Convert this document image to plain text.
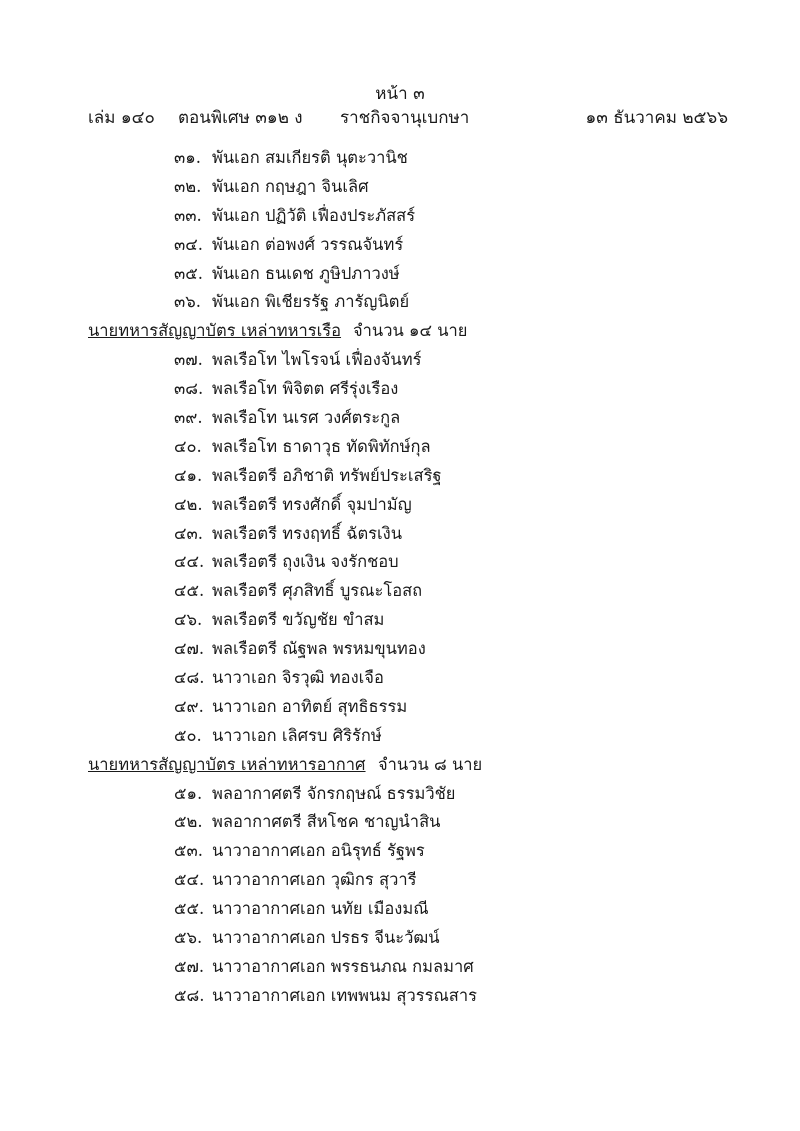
หน้า ๓
เล่ม ๑๔๐ ตอนพิเศษ ๓๑๒ ง ราชกิจจานุเบกษา	๑๓ ธันวาคม ๒๕๖๖
๓๑. พันเอก สมเกียรติ นุตะวานิช
๓๒. พันเอก กฤษฎา จินเลิศ
๓๓. พันเอก ปฏิวัติ เฟื่องประภัสสร์
๓๔. พันเอก ต่อพงศ์ วรรณจันทร์
๓๕. พันเอก ธนเดช ภูษิปภาวงษ์
๓๖. พันเอก พิเชียรรัฐ ภารัญนิตย์
นายทหารสัญญาบัตร เหล่าทหารเรือ จำนวน ๑๔ นาย
๓๗. พลเรือโท ไพโรจน์ เฟื่องจันทร์
๓๘. พลเรือโท พิจิตต ศรีรุ่งเรือง
๓๙. พลเรือโท นเรศ วงศ์ตระกูล
๔๐. พลเรือโท ธาดาวุธ ทัดพิทักษ์กุล
๔๑. พลเรือตรี อภิชาติ ทรัพย์ประเสริฐ
๔๒. พลเรือตรี ทรงศักดิ์ จุมปามัญ
๔๓. พลเรือตรี ทรงฤทธิ์ ฉัตรเงิน
๔๔. พลเรือตรี ถุงเงิน จงรักชอบ
๔๕. พลเรือตรี ศุภสิทธิ์ บูรณะโอสถ
๔๖. พลเรือตรี ขวัญชัย ขำสม
๔๗. พลเรือตรี ณัฐพล พรหมขุนทอง
๔๘. นาวาเอก จิรวุฒิ ทองเจือ
๔๙. นาวาเอก อาทิตย์ สุทธิธรรม
๕๐. นาวาเอก เลิศรบ ศิริรักษ์
นายทหารสัญญาบัตร เหล่าทหารอากาศ จำนวน ๘ นาย
๕๑. พลอากาศตรี จักรกฤษณ์ ธรรมวิชัย
๕๒. พลอากาศตรี สีหโชค ชาญนำสิน
๕๓. นาวาอากาศเอก อนิรุทธ์ รัฐพร
๕๔. นาวาอากาศเอก วุฒิกร สุวารี
๕๕. นาวาอากาศเอก นทัย เมืองมณี
๕๖. นาวาอากาศเอก ปรธร จีนะวัฒน์
๕๗. นาวาอากาศเอก พรรธนภณ กมลมาศ
๕๘. นาวาอากาศเอก เทพพนม สุวรรณสาร
